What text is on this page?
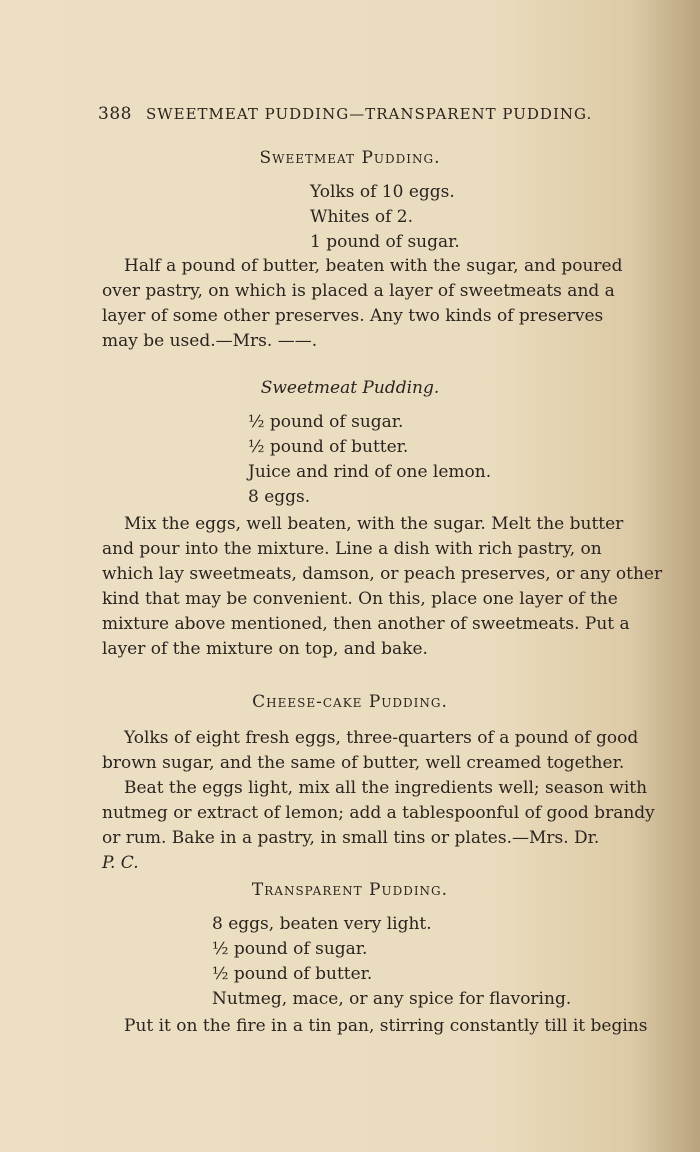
388 SWEETMEAT PUDDING—TRANSPARENT PUDDING.
Sweetmeat Pudding.
Yolks of 10 eggs.
Whites of 2.
1 pound of sugar.
Half a pound of butter, beaten with the sugar, and poured
over pastry, on which is placed a layer of sweetmeats and a
layer of some other preserves. Any two kinds of preserves
may be used.—Mrs. ——.
Sweetmeat Pudding.
½ pound of sugar.
½ pound of butter.
Juice and rind of one lemon.
8 eggs.
Mix the eggs, well beaten, with the sugar. Melt the butter
and pour into the mixture. Line a dish with rich pastry, on
which lay sweetmeats, damson, or peach preserves, or any other
kind that may be convenient. On this, place one layer of the
mixture above mentioned, then another of sweetmeats. Put a
layer of the mixture on top, and bake.
Cheese-cake Pudding.
Yolks of eight fresh eggs, three-quarters of a pound of good
brown sugar, and the same of butter, well creamed together.
Beat the eggs light, mix all the ingredients well; season with
nutmeg or extract of lemon; add a tablespoonful of good brandy
or rum. Bake in a pastry, in small tins or plates.—Mrs. Dr.
P. C.
Transparent Pudding.
8 eggs, beaten very light.
½ pound of sugar.
½ pound of butter.
Nutmeg, mace, or any spice for flavoring.
Put it on the fire in a tin pan, stirring constantly till it begins
